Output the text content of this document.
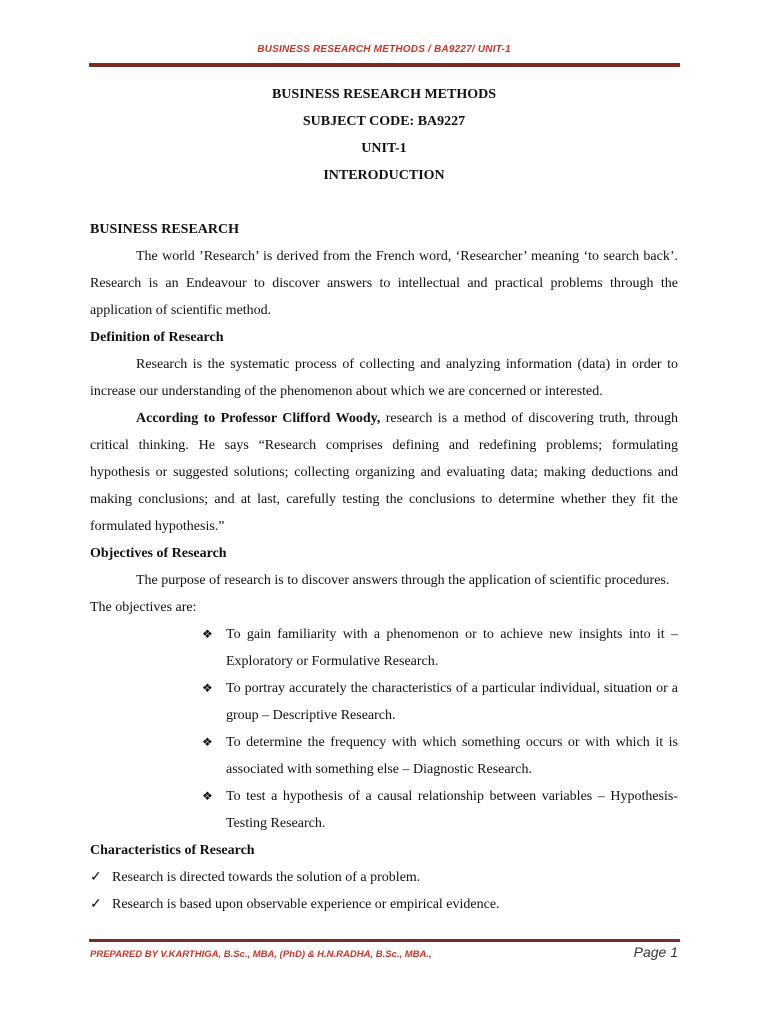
BUSINESS RESEARCH METHODS / BA9227/ UNIT-1
BUSINESS RESEARCH METHODS
SUBJECT CODE: BA9227
UNIT-1
INTERODUCTION
BUSINESS RESEARCH

The world ’Research’ is derived from the French word, ‘Researcher’ meaning ‘to search back’. Research is an Endeavour to discover answers to intellectual and practical problems through the application of scientific method.

Definition of Research

Research is the systematic process of collecting and analyzing information (data) in order to increase our understanding of the phenomenon about which we are concerned or interested.

According to Professor Clifford Woody, research is a method of discovering truth, through critical thinking. He says “Research comprises defining and redefining problems; formulating hypothesis or suggested solutions; collecting organizing and evaluating data; making deductions and making conclusions; and at last, carefully testing the conclusions to determine whether they fit the formulated hypothesis.”

Objectives of Research

The purpose of research is to discover answers through the application of scientific procedures.

The objectives are:
❖ To gain familiarity with a phenomenon or to achieve new insights into it – Exploratory or Formulative Research.
❖ To portray accurately the characteristics of a particular individual, situation or a group – Descriptive Research.
❖ To determine the frequency with which something occurs or with which it is associated with something else – Diagnostic Research.
❖ To test a hypothesis of a causal relationship between variables – Hypothesis-Testing Research.
Characteristics of Research
✓ Research is directed towards the solution of a problem.
✓ Research is based upon observable experience or empirical evidence.
PREPARED BY V.KARTHIGA, B.Sc., MBA, (PhD) & H.N.RADHA, B.Sc., MBA.,	Page 1
